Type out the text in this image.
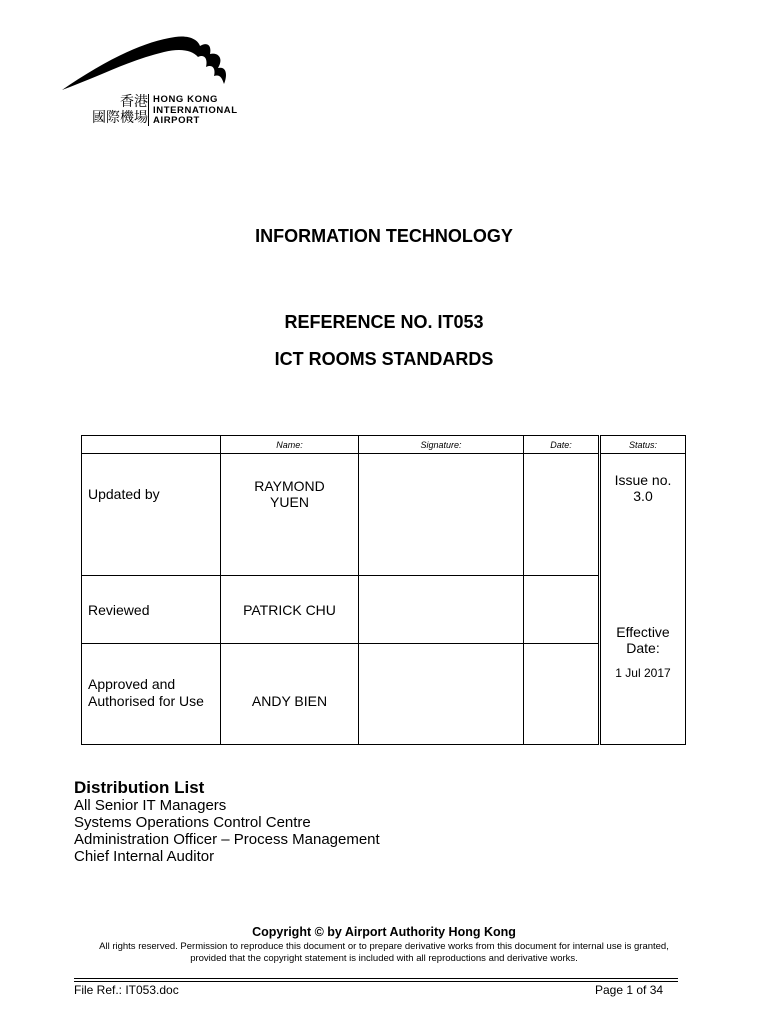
香港
國際機場
HONG KONG
INTERNATIONAL
AIRPORT
INFORMATION TECHNOLOGY
REFERENCE NO. IT053
ICT ROOMS STANDARDS
	Name:	Signature:	Date:	Status:

Updated by	RAYMOND YUEN			Issue no.
3.0
Effective Date:
1 Jul 2017

Reviewed	PATRICK CHU			

Approved and Authorised for Use	ANDY BIEN			

Distribution List
All Senior IT Managers
Systems Operations Control Centre
Administration Officer – Process Management
Chief Internal Auditor
Copyright © by Airport Authority Hong Kong
All rights reserved. Permission to reproduce this document or to prepare derivative works from this document for internal use is granted,
provided that the copyright statement is included with all reproductions and derivative works.
File Ref.: IT053.doc	Page 1 of 34
